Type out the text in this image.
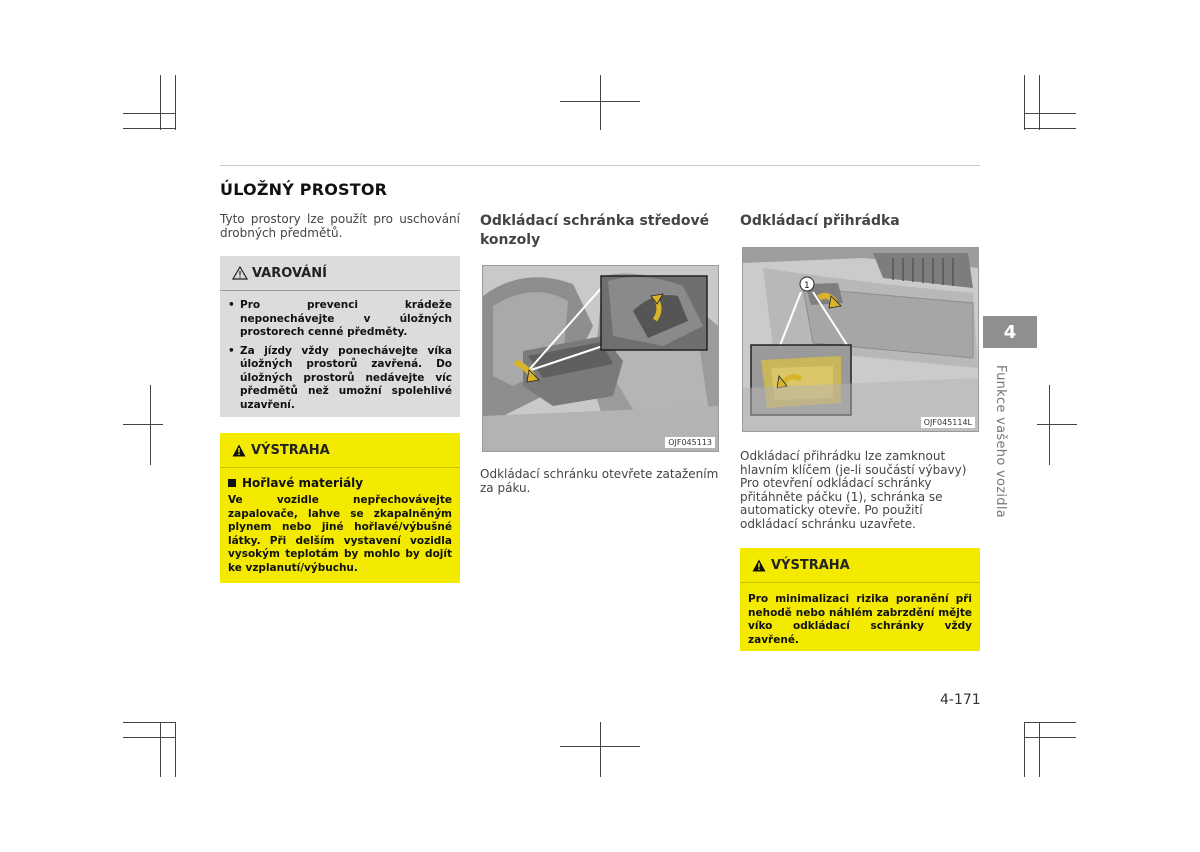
ÚLOŽNÝ PROSTOR
Tyto prostory lze použít pro uschování drobných předmětů.
VAROVÁNÍ
• Pro prevenci krádeže neponechávejte v úložných prostorech cenné předměty.
• Za jízdy vždy ponechávejte víka úložných prostorů zavřená. Do úložných prostorů nedávejte víc předmětů než umožní spolehlivé uzavření.
VÝSTRAHA
Hořlavé materiály
Ve vozidle nepřechovávejte zapalovače, lahve se zkapalněným plynem nebo jiné hořlavé/výbušné látky. Při delším vystavení vozidla vysokým teplotám by mohlo by dojít ke vzplanutí/výbuchu.
Odkládací schránka středové konzoly
OJF045113
Odkládací schránku otevřete zatažením za páku.
Odkládací přihrádka
1
OJF045114L
Odkládací přihrádku lze zamknout hlavním klíčem (je-li součástí výbavy) Pro otevření odkládací schránky přitáhněte páčku (1), schránka se automaticky otevře. Po použití odkládací schránku uzavřete.
VÝSTRAHA
Pro minimalizaci rizika poranění při nehodě nebo náhlém zabrzdění mějte víko odkládací schránky vždy zavřené.
4
Funkce vašeho vozidla
4-171
